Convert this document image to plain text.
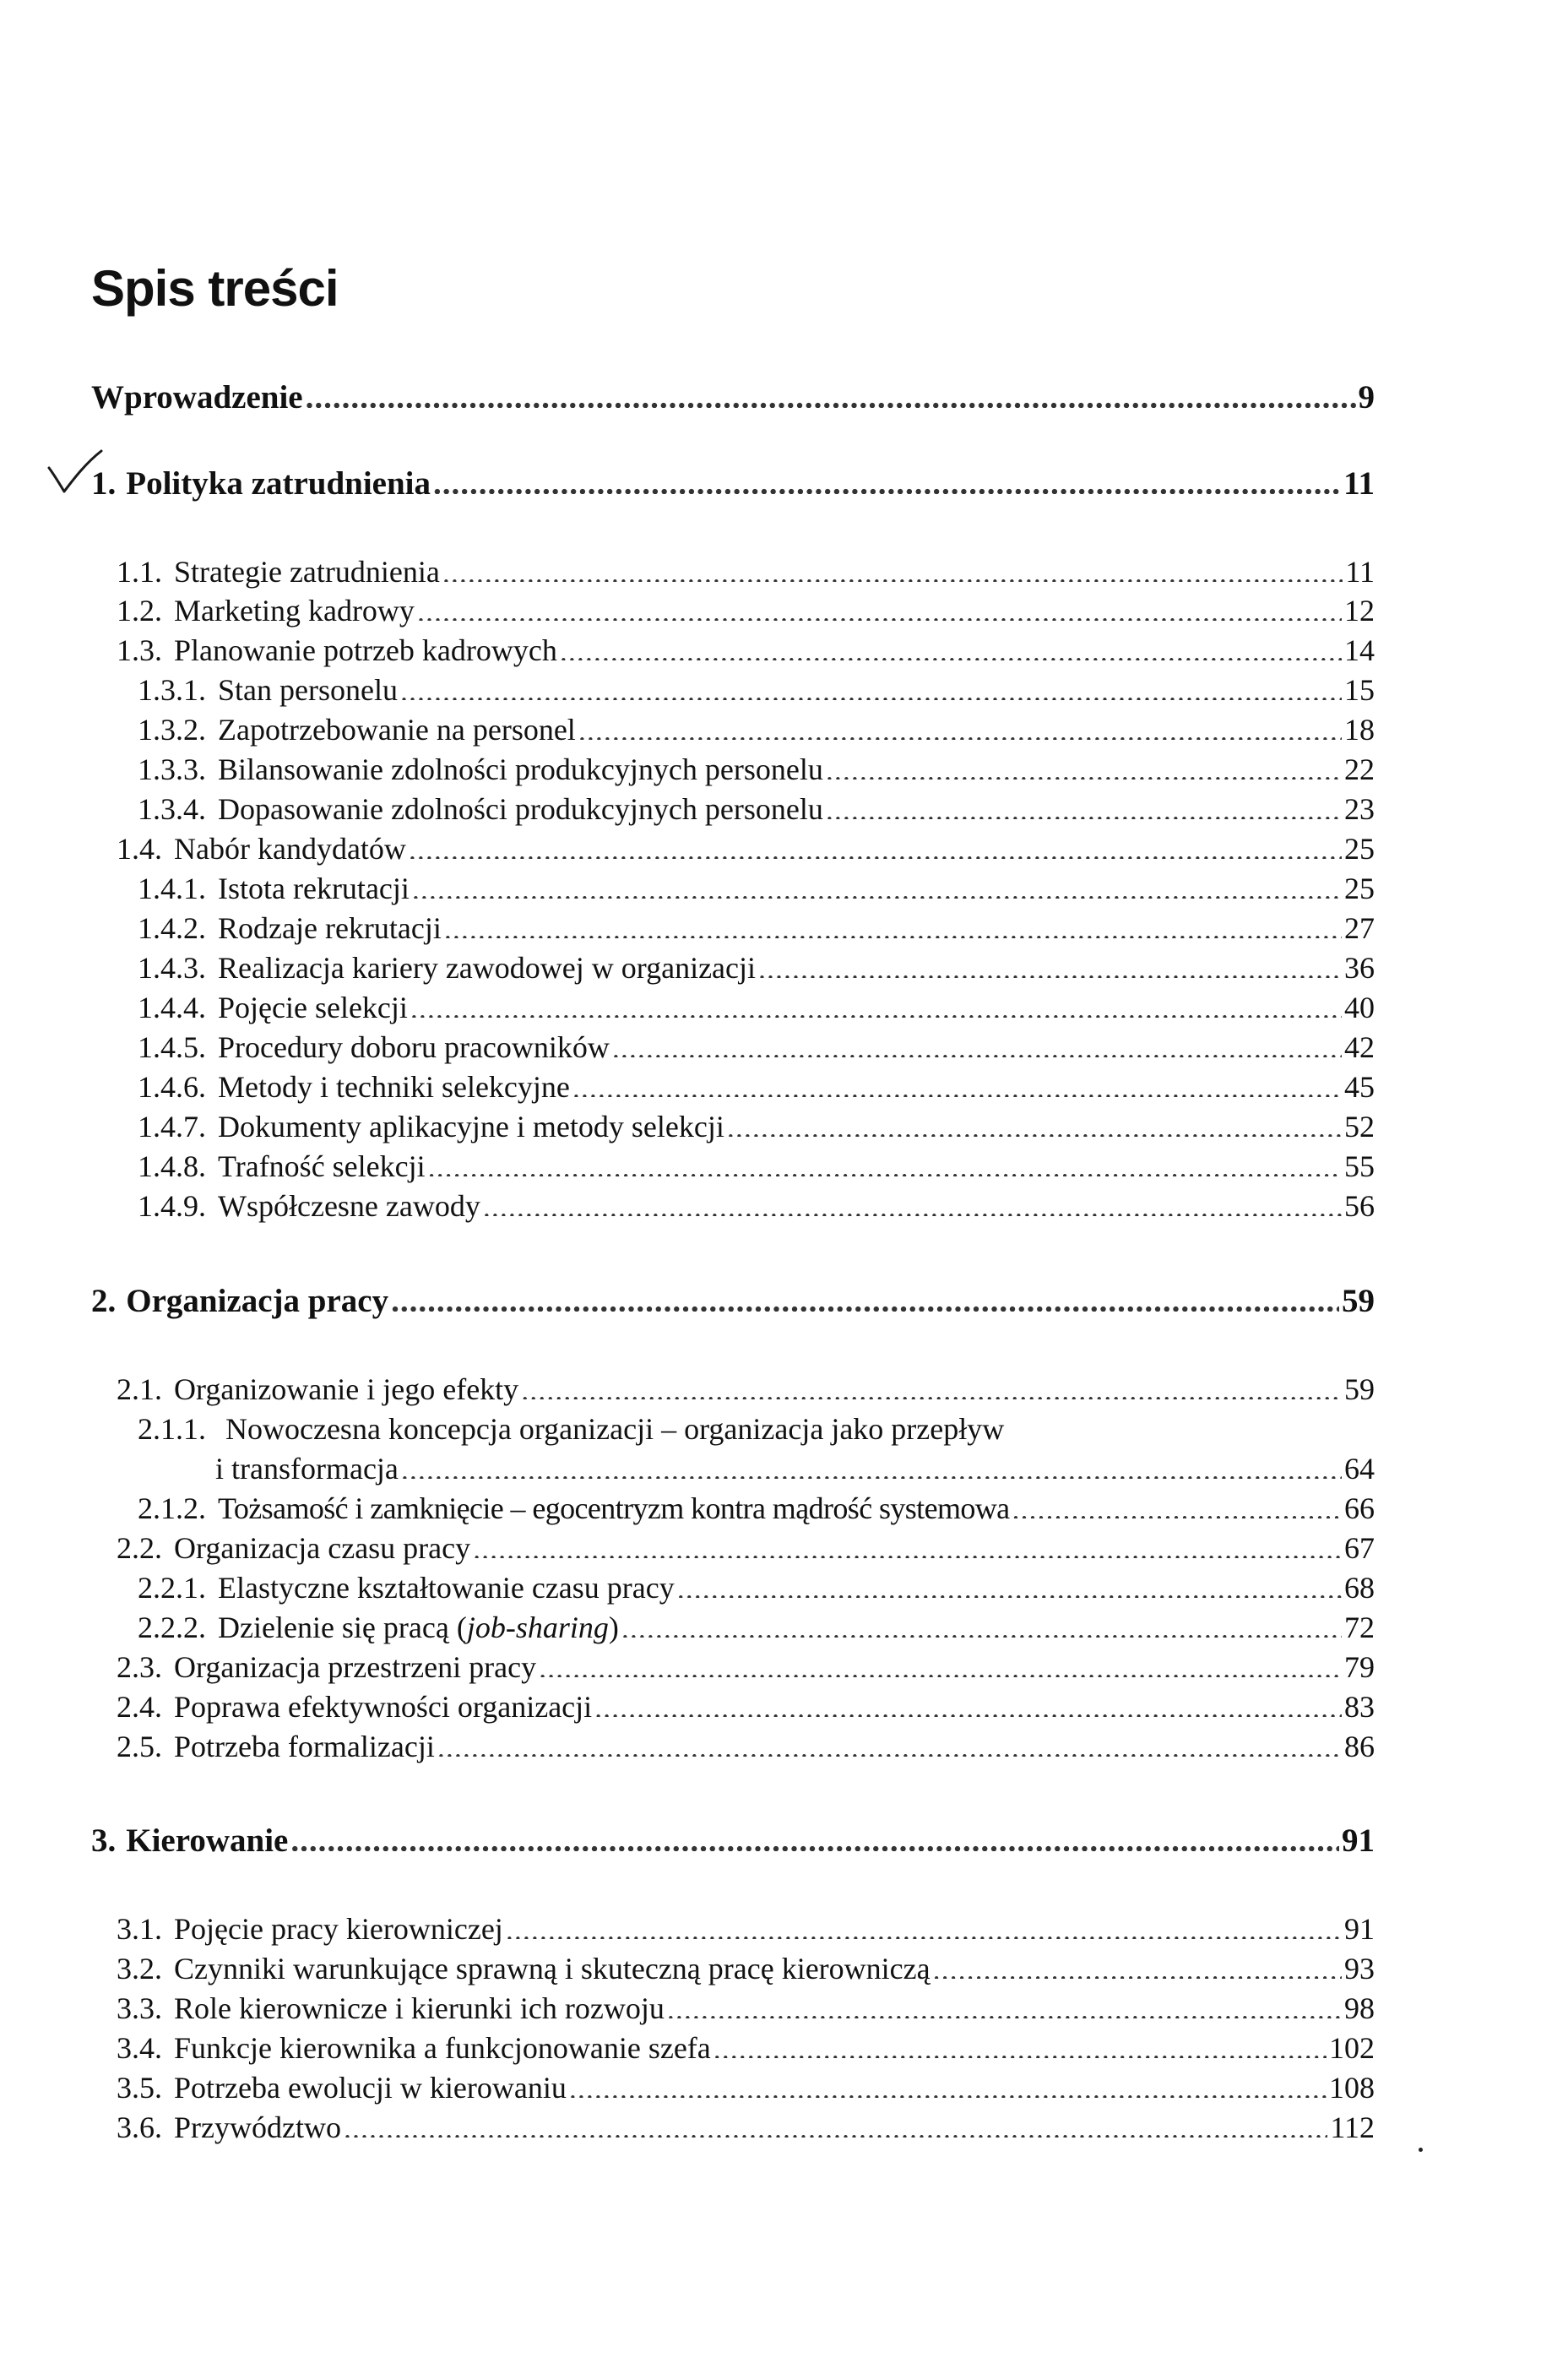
Spis treści
Wprowadzenie .....	9
1. Polityka zatrudnienia .....	11
1.1. Strategie zatrudnienia .....	11
1.2. Marketing kadrowy .....	12
1.3. Planowanie potrzeb kadrowych .....	14
1.3.1. Stan personelu .....	15
1.3.2. Zapotrzebowanie na personel .....	18
1.3.3. Bilansowanie zdolności produkcyjnych personelu .....	22
1.3.4. Dopasowanie zdolności produkcyjnych personelu .....	23
1.4. Nabór kandydatów .....	25
1.4.1. Istota rekrutacji .....	25
1.4.2. Rodzaje rekrutacji .....	27
1.4.3. Realizacja kariery zawodowej w organizacji .....	36
1.4.4. Pojęcie selekcji .....	40
1.4.5. Procedury doboru pracowników .....	42
1.4.6. Metody i techniki selekcyjne .....	45
1.4.7. Dokumenty aplikacyjne i metody selekcji .....	52
1.4.8. Trafność selekcji .....	55
1.4.9. Współczesne zawody .....	56
2. Organizacja pracy .....	59
2.1. Organizowanie i jego efekty .....	59
2.1.1. Nowoczesna koncepcja organizacji – organizacja jako przepływ
i transformacja .....	64
2.1.2. Tożsamość i zamknięcie – egocentryzm kontra mądrość systemowa .....	66
2.2. Organizacja czasu pracy .....	67
2.2.1. Elastyczne kształtowanie czasu pracy .....	68
2.2.2. Dzielenie się pracą (job-sharing) .....	72
2.3. Organizacja przestrzeni pracy .....	79
2.4. Poprawa efektywności organizacji .....	83
2.5. Potrzeba formalizacji .....	86
3. Kierowanie .....	91
3.1. Pojęcie pracy kierowniczej .....	91
3.2. Czynniki warunkujące sprawną i skuteczną pracę kierowniczą .....	93
3.3. Role kierownicze i kierunki ich rozwoju .....	98
3.4. Funkcje kierownika a funkcjonowanie szefa .....	102
3.5. Potrzeba ewolucji w kierowaniu .....	108
3.6. Przywództwo .....	112
